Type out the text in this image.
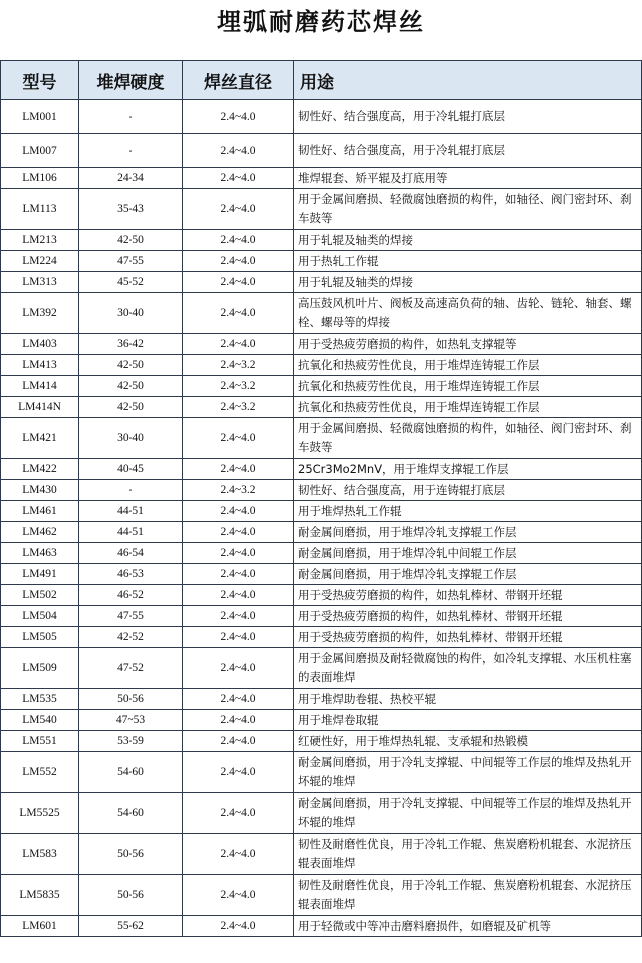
埋弧耐磨药芯焊丝
型号	堆焊硬度	焊丝直径	用途
LM001	-	2.4~4.0	韧性好、结合强度高，用于冷轧辊打底层
LM007	-	2.4~4.0	韧性好、结合强度高，用于冷轧辊打底层
LM106	24-34	2.4~4.0	堆焊辊套、矫平辊及打底用等
LM113	35-43	2.4~4.0	用于金属间磨损、轻微腐蚀磨损的构件，如轴径、阀门密封环、刹车鼓等
LM213	42-50	2.4~4.0	用于轧辊及轴类的焊接
LM224	47-55	2.4~4.0	用于热轧工作辊
LM313	45-52	2.4~4.0	用于轧辊及轴类的焊接
LM392	30-40	2.4~4.0	高压鼓风机叶片、阀板及高速高负荷的轴、齿轮、链轮、轴套、螺栓、螺母等的焊接
LM403	36-42	2.4~4.0	用于受热疲劳磨损的构件，如热轧支撑辊等
LM413	42-50	2.4~3.2	抗氧化和热疲劳性优良，用于堆焊连铸辊工作层
LM414	42-50	2.4~3.2	抗氧化和热疲劳性优良，用于堆焊连铸辊工作层
LM414N	42-50	2.4~3.2	抗氧化和热疲劳性优良，用于堆焊连铸辊工作层
LM421	30-40	2.4~4.0	用于金属间磨损、轻微腐蚀磨损的构件，如轴径、阀门密封环、刹车鼓等
LM422	40-45	2.4~4.0	25Cr3Mo2MnV，用于堆焊支撑辊工作层
LM430	-	2.4~3.2	韧性好、结合强度高，用于连铸辊打底层
LM461	44-51	2.4~4.0	用于堆焊热轧工作辊
LM462	44-51	2.4~4.0	耐金属间磨损，用于堆焊冷轧支撑辊工作层
LM463	46-54	2.4~4.0	耐金属间磨损，用于堆焊冷轧中间辊工作层
LM491	46-53	2.4~4.0	耐金属间磨损，用于堆焊冷轧支撑辊工作层
LM502	46-52	2.4~4.0	用于受热疲劳磨损的构件，如热轧棒材、带钢开坯辊
LM504	47-55	2.4~4.0	用于受热疲劳磨损的构件，如热轧棒材、带钢开坯辊
LM505	42-52	2.4~4.0	用于受热疲劳磨损的构件，如热轧棒材、带钢开坯辊
LM509	47-52	2.4~4.0	用于金属间磨损及耐轻微腐蚀的构件，如冷轧支撑辊、水压机柱塞的表面堆焊
LM535	50-56	2.4~4.0	用于堆焊助卷辊、热校平辊
LM540	47~53	2.4~4.0	用于堆焊卷取辊
LM551	53-59	2.4~4.0	红硬性好，用于堆焊热轧辊、支承辊和热锻模
LM552	54-60	2.4~4.0	耐金属间磨损，用于冷轧支撑辊、中间辊等工作层的堆焊及热轧开坏辊的堆焊
LM5525	54-60	2.4~4.0	耐金属间磨损，用于冷轧支撑辊、中间辊等工作层的堆焊及热轧开坏辊的堆焊
LM583	50-56	2.4~4.0	韧性及耐磨性优良，用于冷轧工作辊、焦炭磨粉机辊套、水泥挤压辊表面堆焊
LM5835	50-56	2.4~4.0	韧性及耐磨性优良，用于冷轧工作辊、焦炭磨粉机辊套、水泥挤压辊表面堆焊
LM601	55-62	2.4~4.0	用于轻微或中等冲击磨料磨损件，如磨辊及矿机等
